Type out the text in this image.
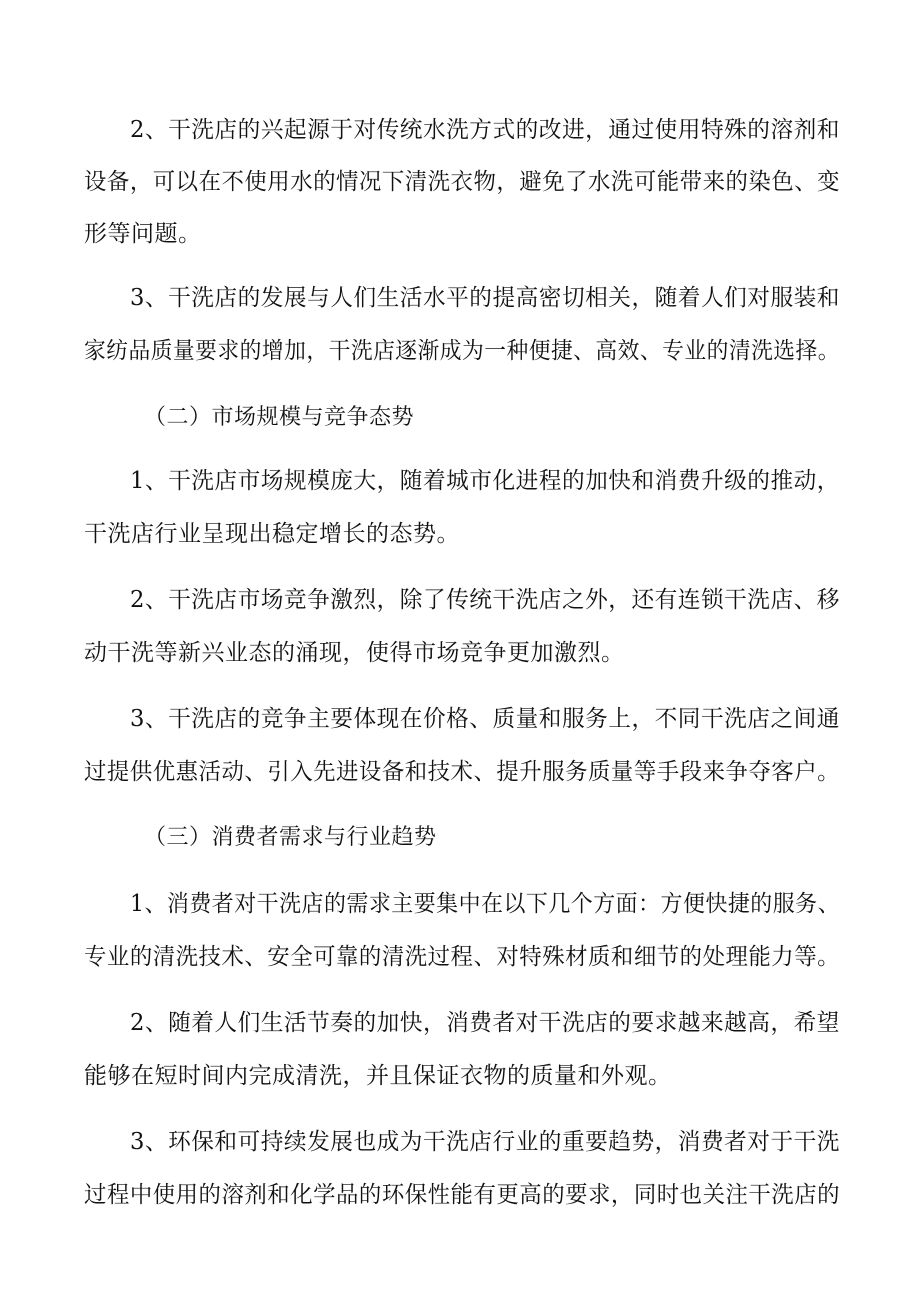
2、干洗店的兴起源于对传统水洗方式的改进，通过使用特殊的溶剂和
设备，可以在不使用水的情况下清洗衣物，避免了水洗可能带来的染色、变
形等问题。
3、干洗店的发展与人们生活水平的提高密切相关，随着人们对服装和
家纺品质量要求的增加，干洗店逐渐成为一种便捷、高效、专业的清洗选择。
（二）市场规模与竞争态势
1、干洗店市场规模庞大，随着城市化进程的加快和消费升级的推动，
干洗店行业呈现出稳定增长的态势。
2、干洗店市场竞争激烈，除了传统干洗店之外，还有连锁干洗店、移
动干洗等新兴业态的涌现，使得市场竞争更加激烈。
3、干洗店的竞争主要体现在价格、质量和服务上，不同干洗店之间通
过提供优惠活动、引入先进设备和技术、提升服务质量等手段来争夺客户。
（三）消费者需求与行业趋势
1、消费者对干洗店的需求主要集中在以下几个方面：方便快捷的服务、
专业的清洗技术、安全可靠的清洗过程、对特殊材质和细节的处理能力等。
2、随着人们生活节奏的加快，消费者对干洗店的要求越来越高，希望
能够在短时间内完成清洗，并且保证衣物的质量和外观。
3、环保和可持续发展也成为干洗店行业的重要趋势，消费者对于干洗
过程中使用的溶剂和化学品的环保性能有更高的要求，同时也关注干洗店的
